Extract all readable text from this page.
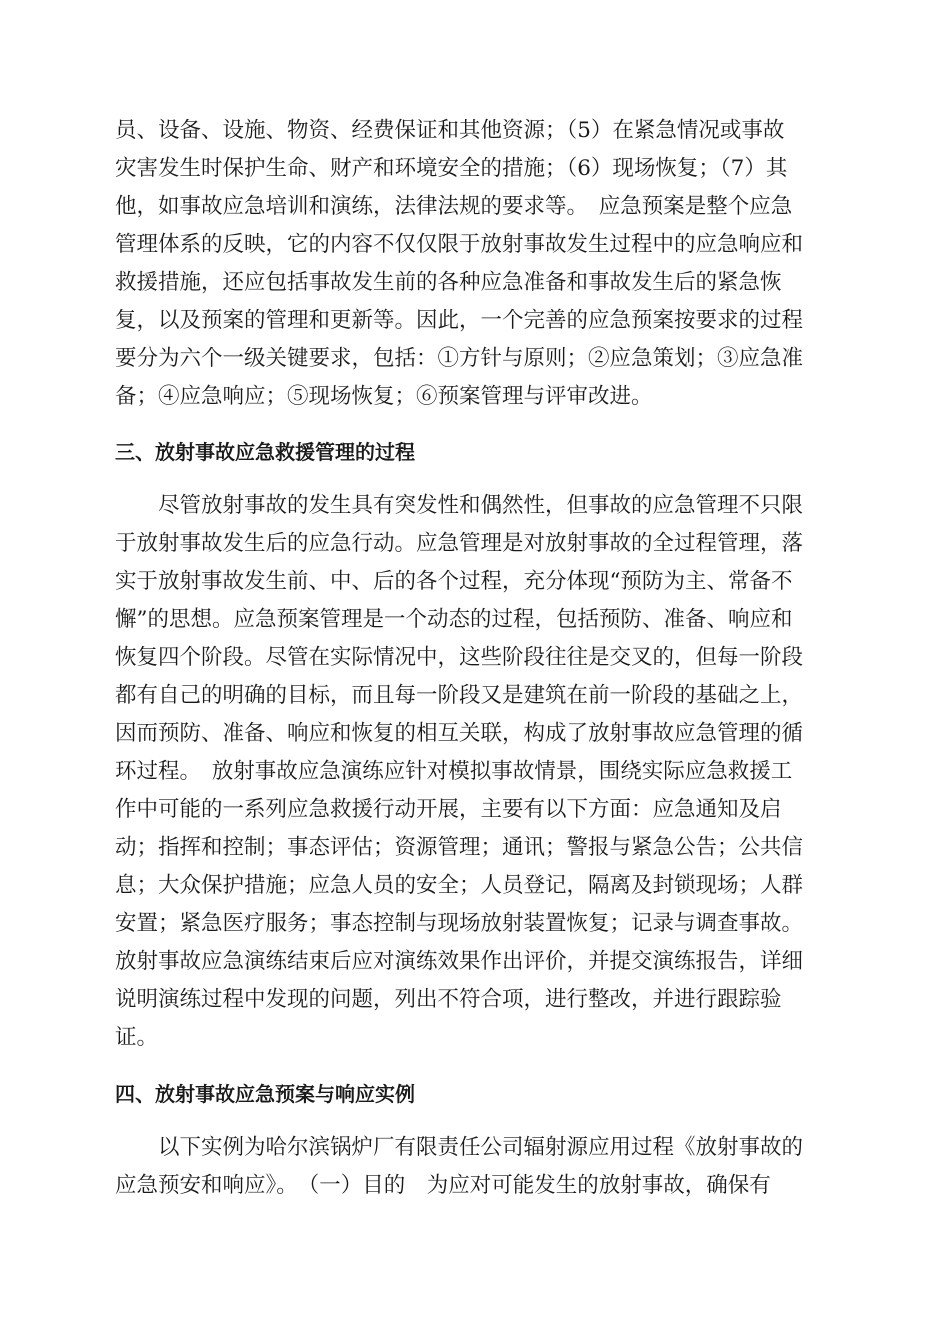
员、设备、设施、物资、经费保证和其他资源；（5）在紧急情况或事故
灾害发生时保护生命、财产和环境安全的措施；（6）现场恢复；（7）其
他，如事故应急培训和演练，法律法规的要求等。　应急预案是整个应急
管理体系的反映，它的内容不仅仅限于放射事故发生过程中的应急响应和
救援措施，还应包括事故发生前的各种应急准备和事故发生后的紧急恢
复，以及预案的管理和更新等。因此，一个完善的应急预案按要求的过程
要分为六个一级关键要求，包括：①方针与原则；②应急策划；③应急准
备；④应急响应；⑤现场恢复；⑥预案管理与评审改进。
三、放射事故应急救援管理的过程
　　尽管放射事故的发生具有突发性和偶然性，但事故的应急管理不只限
于放射事故发生后的应急行动。应急管理是对放射事故的全过程管理，落
实于放射事故发生前、中、后的各个过程，充分体现“预防为主、常备不
懈”的思想。应急预案管理是一个动态的过程，包括预防、准备、响应和
恢复四个阶段。尽管在实际情况中，这些阶段往往是交叉的，但每一阶段
都有自己的明确的目标，而且每一阶段又是建筑在前一阶段的基础之上，
因而预防、准备、响应和恢复的相互关联，构成了放射事故应急管理的循
环过程。　放射事故应急演练应针对模拟事故情景，围绕实际应急救援工
作中可能的一系列应急救援行动开展，主要有以下方面：应急通知及启
动；指挥和控制；事态评估；资源管理；通讯；警报与紧急公告；公共信
息；大众保护措施；应急人员的安全；人员登记，隔离及封锁现场；人群
安置；紧急医疗服务；事态控制与现场放射装置恢复；记录与调查事故。
放射事故应急演练结束后应对演练效果作出评价，并提交演练报告，详细
说明演练过程中发现的问题，列出不符合项，进行整改，并进行跟踪验
证。
四、放射事故应急预案与响应实例
　　以下实例为哈尔滨锅炉厂有限责任公司辐射源应用过程《放射事故的
应急预安和响应》。　（一）目的　为应对可能发生的放射事故，确保有
